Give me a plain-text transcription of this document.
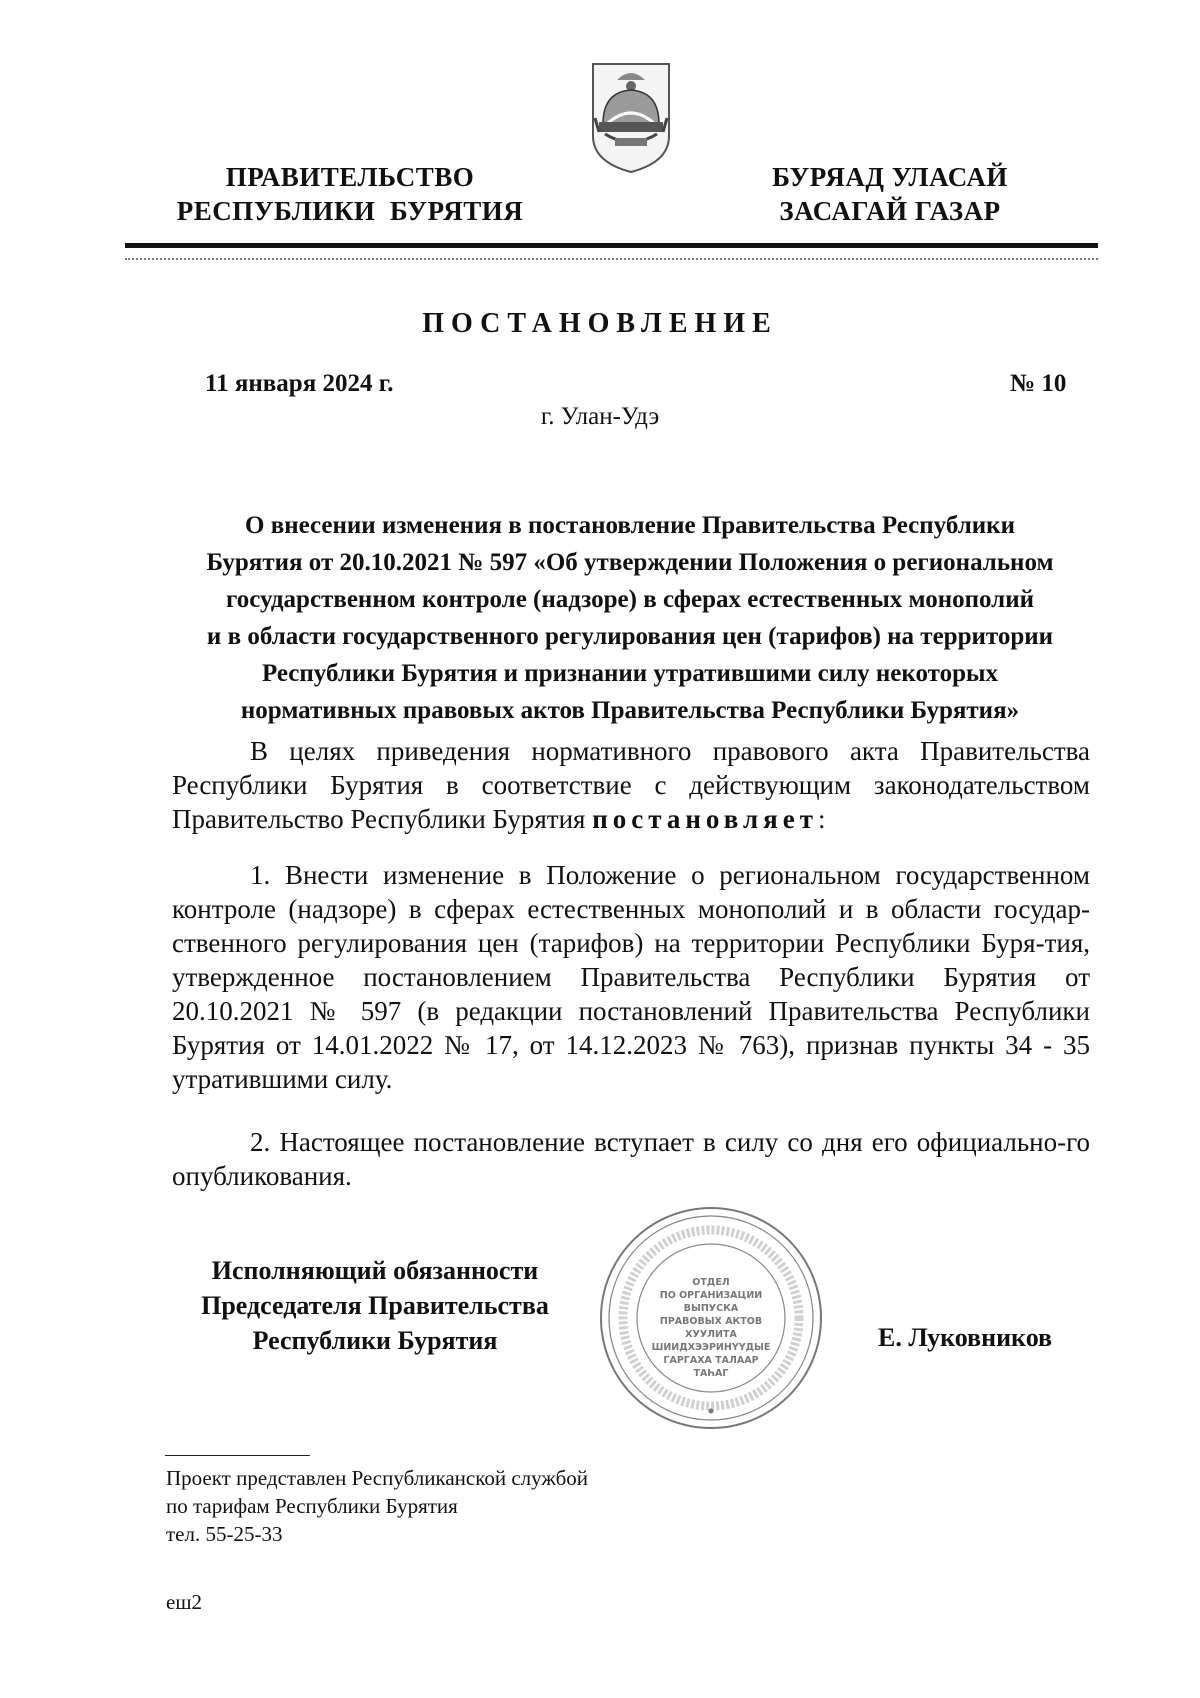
ПРАВИТЕЛЬСТВО
РЕСПУБЛИКИ  БУРЯТИЯ
БУРЯАД УЛАСАЙ
ЗАСАГАЙ ГАЗАР
ПОСТАНОВЛЕНИЕ
11 января 2024 г.	№ 10
г. Улан-Удэ
О внесении изменения в постановление Правительства Республики
Бурятия от 20.10.2021 № 597 «Об утверждении Положения о региональном
государственном контроле (надзоре) в сферах естественных монополий
и в области государственного регулирования цен (тарифов) на территории
Республики Бурятия и признании утратившими силу некоторых
нормативных правовых актов Правительства Республики Бурятия»
В целях приведения нормативного правового акта Правительства Республики Бурятия в соответствие с действующим законодательством Правительство Республики Бурятия постановляет:
1. Внести изменение в Положение о региональном государственном контроле (надзоре) в сферах естественных монополий и в области государ-ственного регулирования цен (тарифов) на территории Республики Буря-тия, утвержденное постановлением Правительства Республики Бурятия от 20.10.2021 № 597 (в редакции постановлений Правительства Республики Бурятия от 14.01.2022 № 17, от 14.12.2023 № 763), признав пункты 34 - 35 утратившими силу.
2. Настоящее постановление вступает в силу со дня его официально-го опубликования.
Исполняющий обязанности
Председателя Правительства
Республики Бурятия
ОТДЕЛ
ПО ОРГАНИЗАЦИИ
ВЫПУСКА
ПРАВОВЫХ АКТОВ
ХУУЛИТА
ШИИДХЭЭРИНҮҮДЫЕ
ГАРГАХА ТАЛААР
ТАҺАГ
Е. Луковников
Проект представлен Республиканской службой
по тарифам Республики Бурятия
тел. 55-25-33
еш2
